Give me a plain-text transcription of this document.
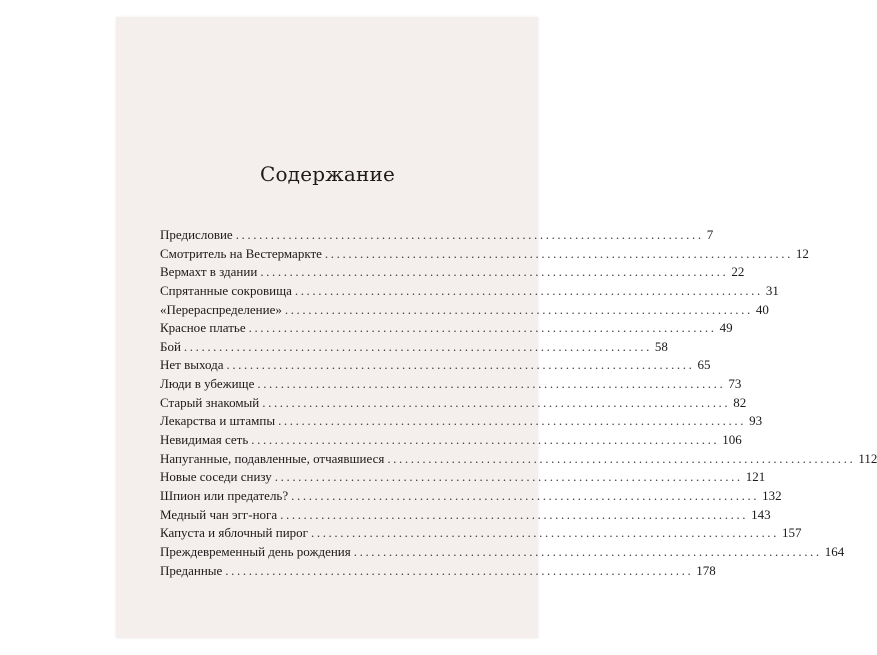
Содержание
Предисловие ................................................................................ 7
Смотритель на Вестермаркте ................................................................................ 12
Вермахт в здании ................................................................................ 22
Спрятанные сокровища ................................................................................ 31
«Перераспределение» ................................................................................ 40
Красное платье ................................................................................ 49
Бой ................................................................................ 58
Нет выхода ................................................................................ 65
Люди в убежище ................................................................................ 73
Старый знакомый ................................................................................ 82
Лекарства и штампы ................................................................................ 93
Невидимая сеть ................................................................................ 106
Напуганные, подавленные, отчаявшиеся ................................................................................ 112
Новые соседи снизу ................................................................................ 121
Шпион или предатель? ................................................................................ 132
Медный чан эгг-нога ................................................................................ 143
Капуста и яблочный пирог ................................................................................ 157
Преждевременный день рождения ................................................................................ 164
Преданные ................................................................................ 178
